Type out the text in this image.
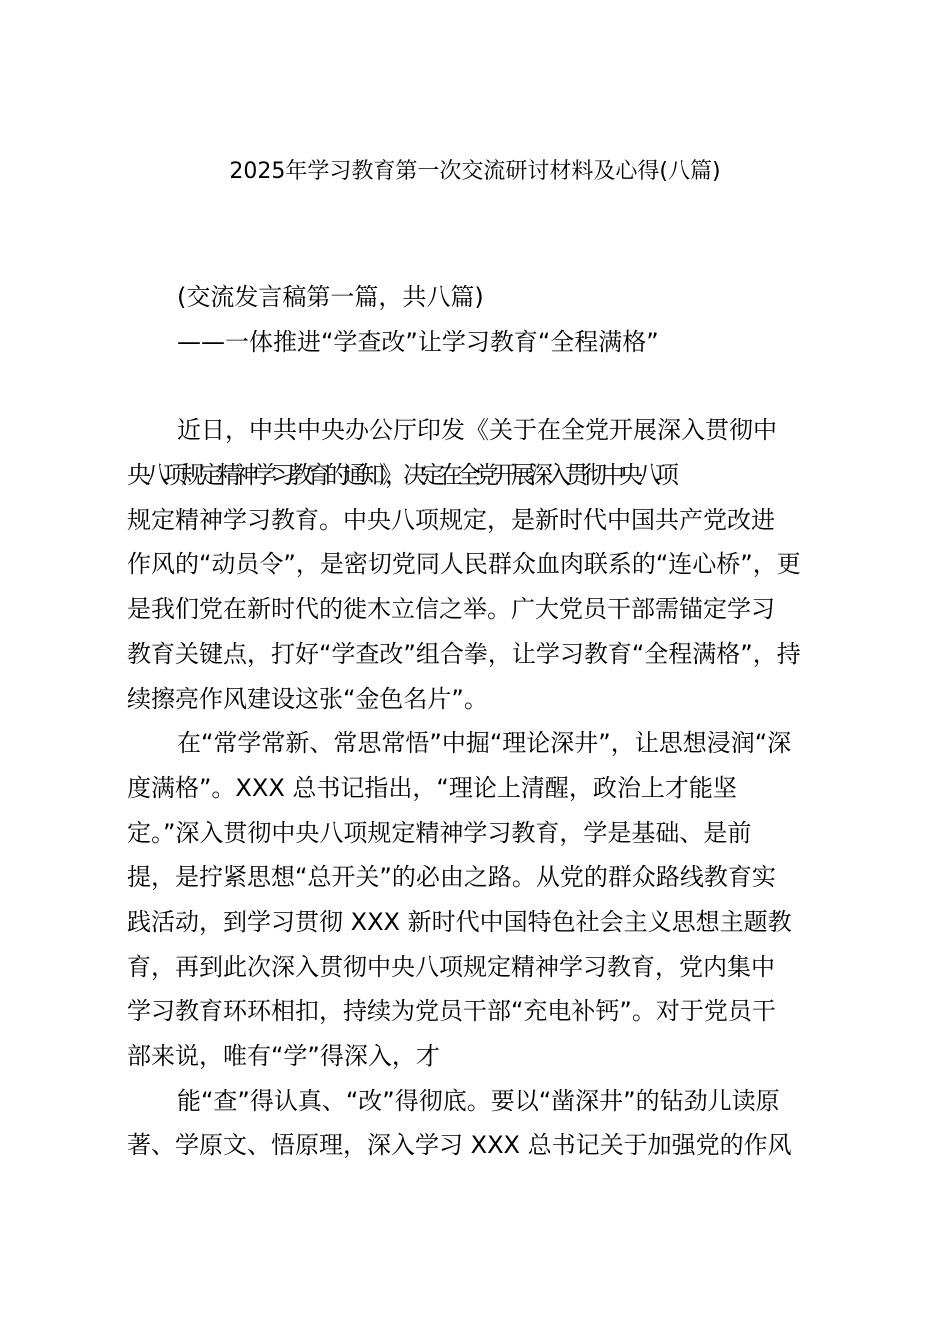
2025年学习教育第一次交流研讨材料及心得(八篇)
(交流发言稿第一篇，共八篇)
——一体推进“学查改”让学习教育“全程满格”
近日，中共中央办公厅印发《关于在全党开展深入贯彻中
央八项规定精神学习教育的通知》，决定在全党开展深入贯彻中央八项
规定精神学习教育。中央八项规定，是新时代中国共产党改进
作风的“动员令”，是密切党同人民群众血肉联系的“连心桥”，更
是我们党在新时代的徙木立信之举。广大党员干部需锚定学习
教育关键点，打好“学查改”组合拳，让学习教育“全程满格”，持
续擦亮作风建设这张“金色名片”。
在“常学常新、常思常悟”中掘“理论深井”，让思想浸润“深
度满格”。XXX 总书记指出，“理论上清醒，政治上才能坚
定。”深入贯彻中央八项规定精神学习教育，学是基础、是前
提，是拧紧思想“总开关”的必由之路。从党的群众路线教育实
践活动，到学习贯彻 XXX 新时代中国特色社会主义思想主题教
育，再到此次深入贯彻中央八项规定精神学习教育，党内集中
学习教育环环相扣，持续为党员干部“充电补钙”。对于党员干
部来说，唯有“学”得深入，才
能“查”得认真、“改”得彻底。要以“凿深井”的钻劲儿读原
著、学原文、悟原理，深入学习 XXX 总书记关于加强党的作风
